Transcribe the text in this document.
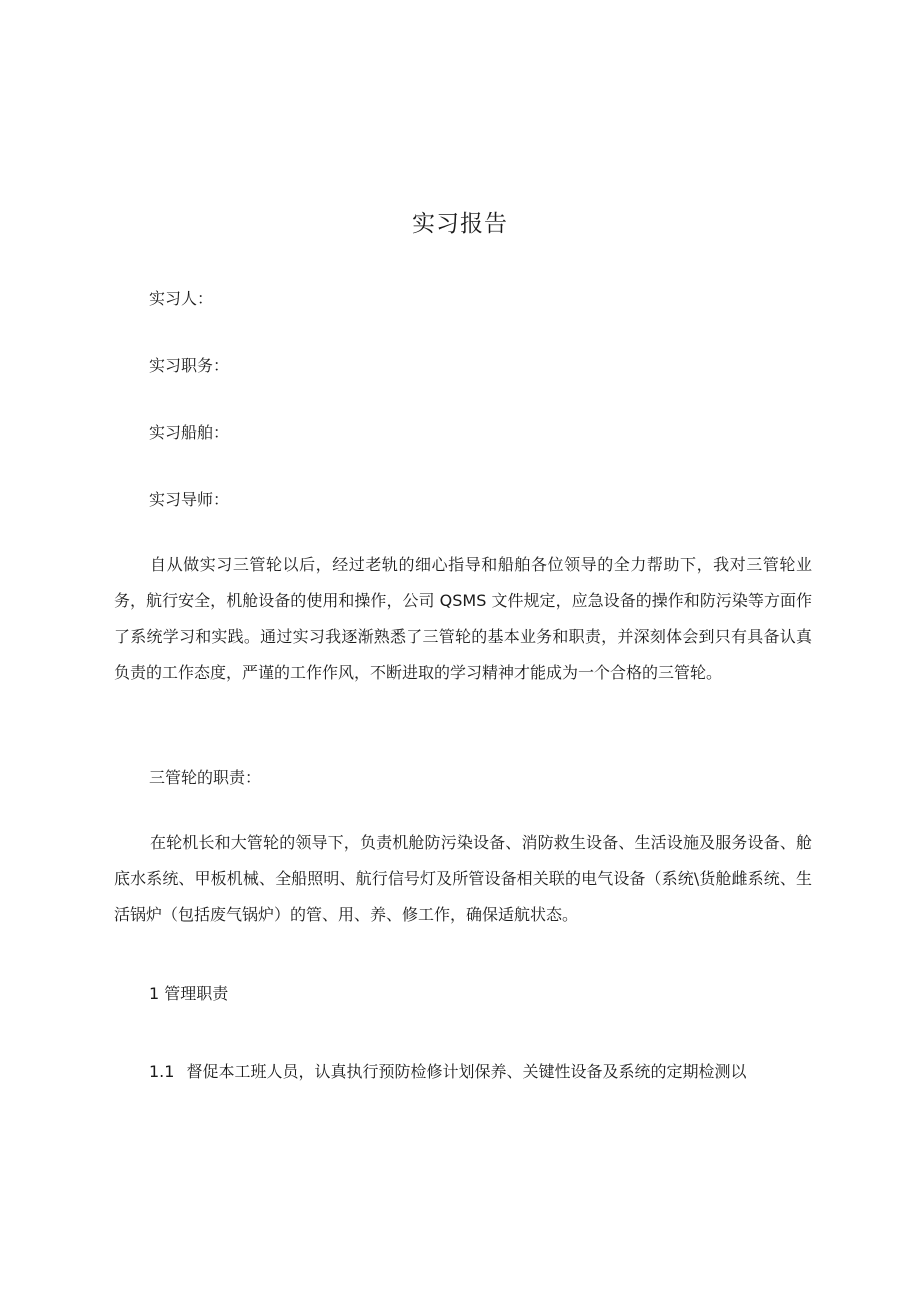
实习报告
实习人：
实习职务：
实习船舶：
实习导师：

自从做实习三管轮以后，经过老轨的细心指导和船舶各位领导的全力帮助下，我对三管轮业务，航行安全，机舱设备的使用和操作，公司 QSMS 文件规定，应急设备的操作和防污染等方面作了系统学习和实践。通过实习我逐渐熟悉了三管轮的基本业务和职责，并深刻体会到只有具备认真负责的工作态度，严谨的工作作风，不断进取的学习精神才能成为一个合格的三管轮。

三管轮的职责：

在轮机长和大管轮的领导下，负责机舱防污染设备、消防救生设备、生活设施及服务设备、舱底水系统、甲板机械、全船照明、航行信号灯及所管设备相关联的电气设备（系统\货舱雌系统、生活锅炉（包括废气锅炉）的管、用、养、修工作，确保适航状态。

1 管理职责
1.1 督促本工班人员，认真执行预防检修计划保养、关键性设备及系统的定期检测以
